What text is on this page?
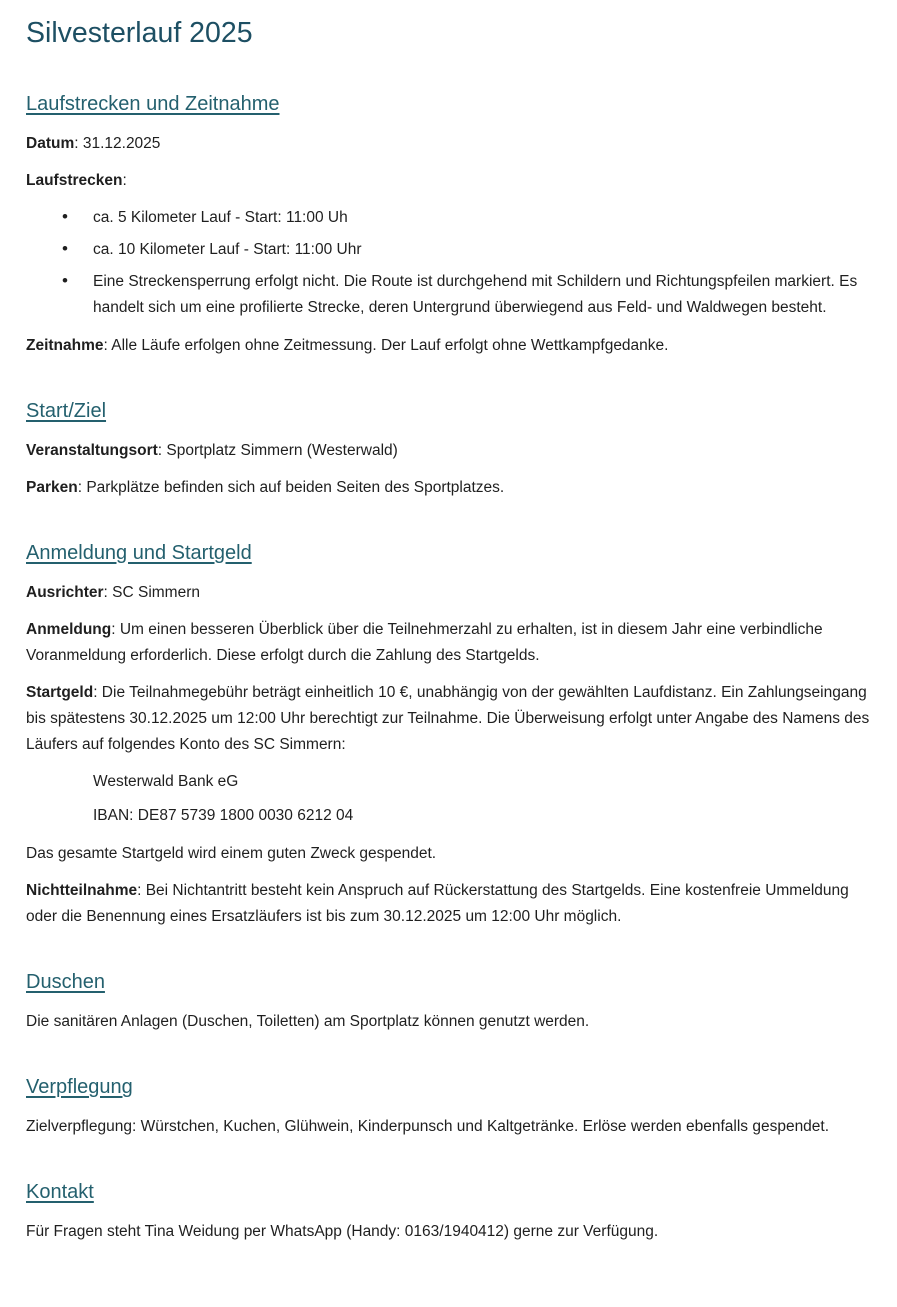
Silvesterlauf 2025
Laufstrecken und Zeitnahme

Datum: 31.12.2025

Laufstrecken:

• ca. 5 Kilometer Lauf - Start: 11:00 Uh
• ca. 10 Kilometer Lauf - Start: 11:00 Uhr
• Eine Streckensperrung erfolgt nicht. Die Route ist durchgehend mit Schildern und Richtungspfeilen markiert. Es handelt sich um eine profilierte Strecke, deren Untergrund überwiegend aus Feld- und Waldwegen besteht.

Zeitnahme: Alle Läufe erfolgen ohne Zeitmessung. Der Lauf erfolgt ohne Wettkampfgedanke.

Start/Ziel

Veranstaltungsort: Sportplatz Simmern (Westerwald)

Parken: Parkplätze befinden sich auf beiden Seiten des Sportplatzes.

Anmeldung und Startgeld

Ausrichter: SC Simmern

Anmeldung: Um einen besseren Überblick über die Teilnehmerzahl zu erhalten, ist in diesem Jahr eine verbindliche Voranmeldung erforderlich. Diese erfolgt durch die Zahlung des Startgelds.

Startgeld: Die Teilnahmegebühr beträgt einheitlich 10 €, unabhängig von der gewählten Laufdistanz. Ein Zahlungseingang bis spätestens 30.12.2025 um 12:00 Uhr berechtigt zur Teilnahme. Die Überweisung erfolgt unter Angabe des Namens des Läufers auf folgendes Konto des SC Simmern:

Westerwald Bank eG

IBAN: DE87 5739 1800 0030 6212 04

Das gesamte Startgeld wird einem guten Zweck gespendet.

Nichtteilnahme: Bei Nichtantritt besteht kein Anspruch auf Rückerstattung des Startgelds. Eine kostenfreie Ummeldung oder die Benennung eines Ersatzläufers ist bis zum 30.12.2025 um 12:00 Uhr möglich.

Duschen

Die sanitären Anlagen (Duschen, Toiletten) am Sportplatz können genutzt werden.

Verpflegung

Zielverpflegung: Würstchen, Kuchen, Glühwein, Kinderpunsch und Kaltgetränke. Erlöse werden ebenfalls gespendet.

Kontakt

Für Fragen steht Tina Weidung per WhatsApp (Handy: 0163/1940412) gerne zur Verfügung.
